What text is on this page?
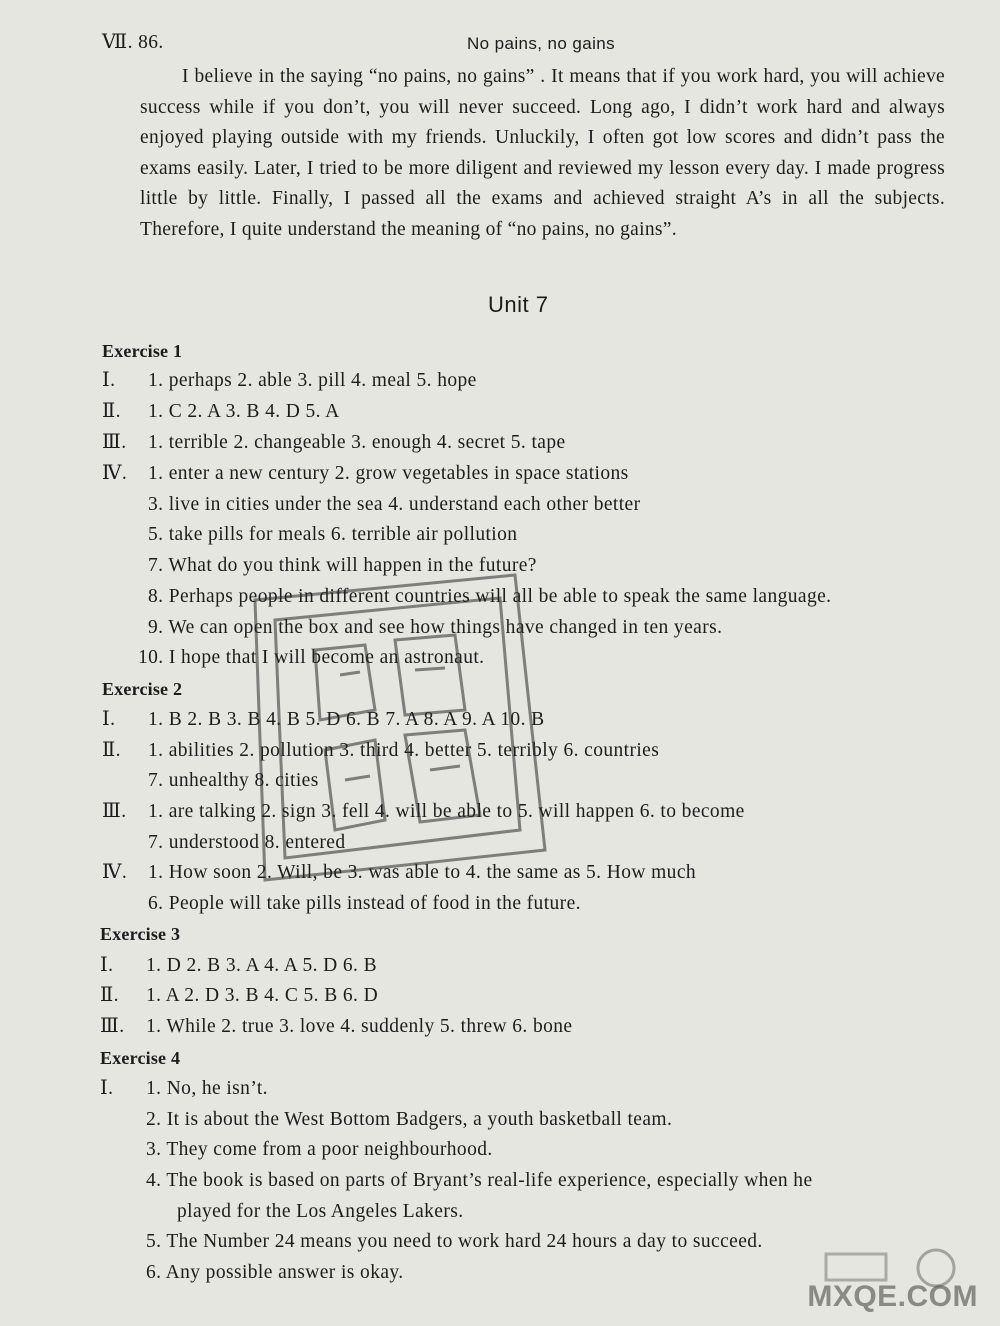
Ⅶ. 86.	No pains, no gains
I believe in the saying “no pains, no gains” . It means that if you work hard, you will achieve success while if you don’t, you will never succeed. Long ago, I didn’t work hard and always enjoyed playing outside with my friends. Unluckily, I often got low scores and didn’t pass the exams easily. Later, I tried to be more diligent and reviewed my lesson every day. I made progress little by little. Finally, I passed all the exams and achieved straight A’s in all the subjects. Therefore, I quite understand the meaning of “no pains, no gains”.
Unit 7
Exercise 1
Ⅰ. 1. perhaps 2. able 3. pill 4. meal 5. hope
Ⅱ. 1. C 2. A 3. B 4. D 5. A
Ⅲ. 1. terrible 2. changeable 3. enough 4. secret 5. tape
Ⅳ. 1. enter a new century 2. grow vegetables in space stations
3. live in cities under the sea 4. understand each other better
5. take pills for meals 6. terrible air pollution
7. What do you think will happen in the future?
8. Perhaps people in different countries will all be able to speak the same language.
9. We can open the box and see how things have changed in ten years.
10. I hope that I will become an astronaut.
Exercise 2
Ⅰ. 1. B 2. B 3. B 4. B 5. D 6. B 7. A 8. A 9. A 10. B
Ⅱ. 1. abilities 2. pollution 3. third 4. better 5. terribly 6. countries
7. unhealthy 8. cities
Ⅲ. 1. are talking 2. sign 3. fell 4. will be able to 5. will happen 6. to become
7. understood 8. entered
Ⅳ. 1. How soon 2. Will, be 3. was able to 4. the same as 5. How much
6. People will take pills instead of food in the future.
Exercise 3
Ⅰ. 1. D 2. B 3. A 4. A 5. D 6. B
Ⅱ. 1. A 2. D 3. B 4. C 5. B 6. D
Ⅲ. 1. While 2. true 3. love 4. suddenly 5. threw 6. bone
Exercise 4
Ⅰ. 1. No, he isn’t.
2. It is about the West Bottom Badgers, a youth basketball team.
3. They come from a poor neighbourhood.
4. The book is based on parts of Bryant’s real-life experience, especially when he
played for the Los Angeles Lakers.
5. The Number 24 means you need to work hard 24 hours a day to succeed.
6. Any possible answer is okay.
MXQE.COM
